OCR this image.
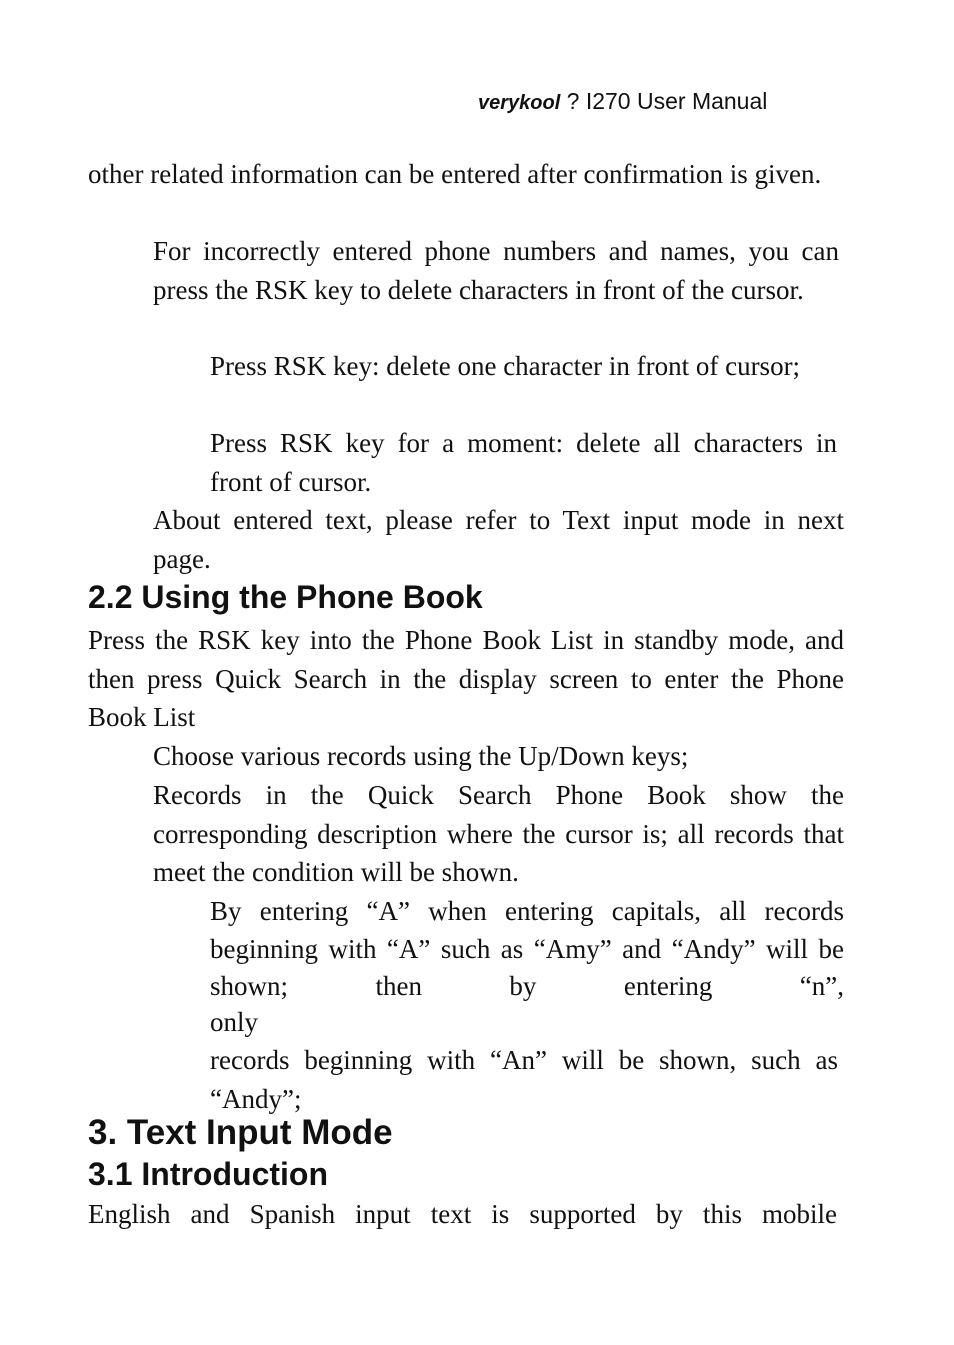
verykool ? I270 User Manual
other related information can be entered after confirmation is given.
For incorrectly entered phone numbers and names, you can press the RSK key to delete characters in front of the cursor.
Press RSK key: delete one character in front of cursor;
Press RSK key for a moment: delete all characters in front of cursor.
About entered text, please refer to Text input mode in next page.
2.2 Using the Phone Book
Press the RSK key into the Phone Book List in standby mode, and then press Quick Search in the display screen to enter the Phone Book List
Choose various records using the Up/Down keys;
Records in the Quick Search Phone Book show the corresponding description where the cursor is; all records that meet the condition will be shown.
By entering “A” when entering capitals, all records beginning with “A” such as “Amy” and “Andy” will be shown; then by entering “n”,
only
records beginning with “An” will be shown, such as “Andy”;
3. Text Input Mode
3.1 Introduction
English and Spanish input text is supported by this mobile
